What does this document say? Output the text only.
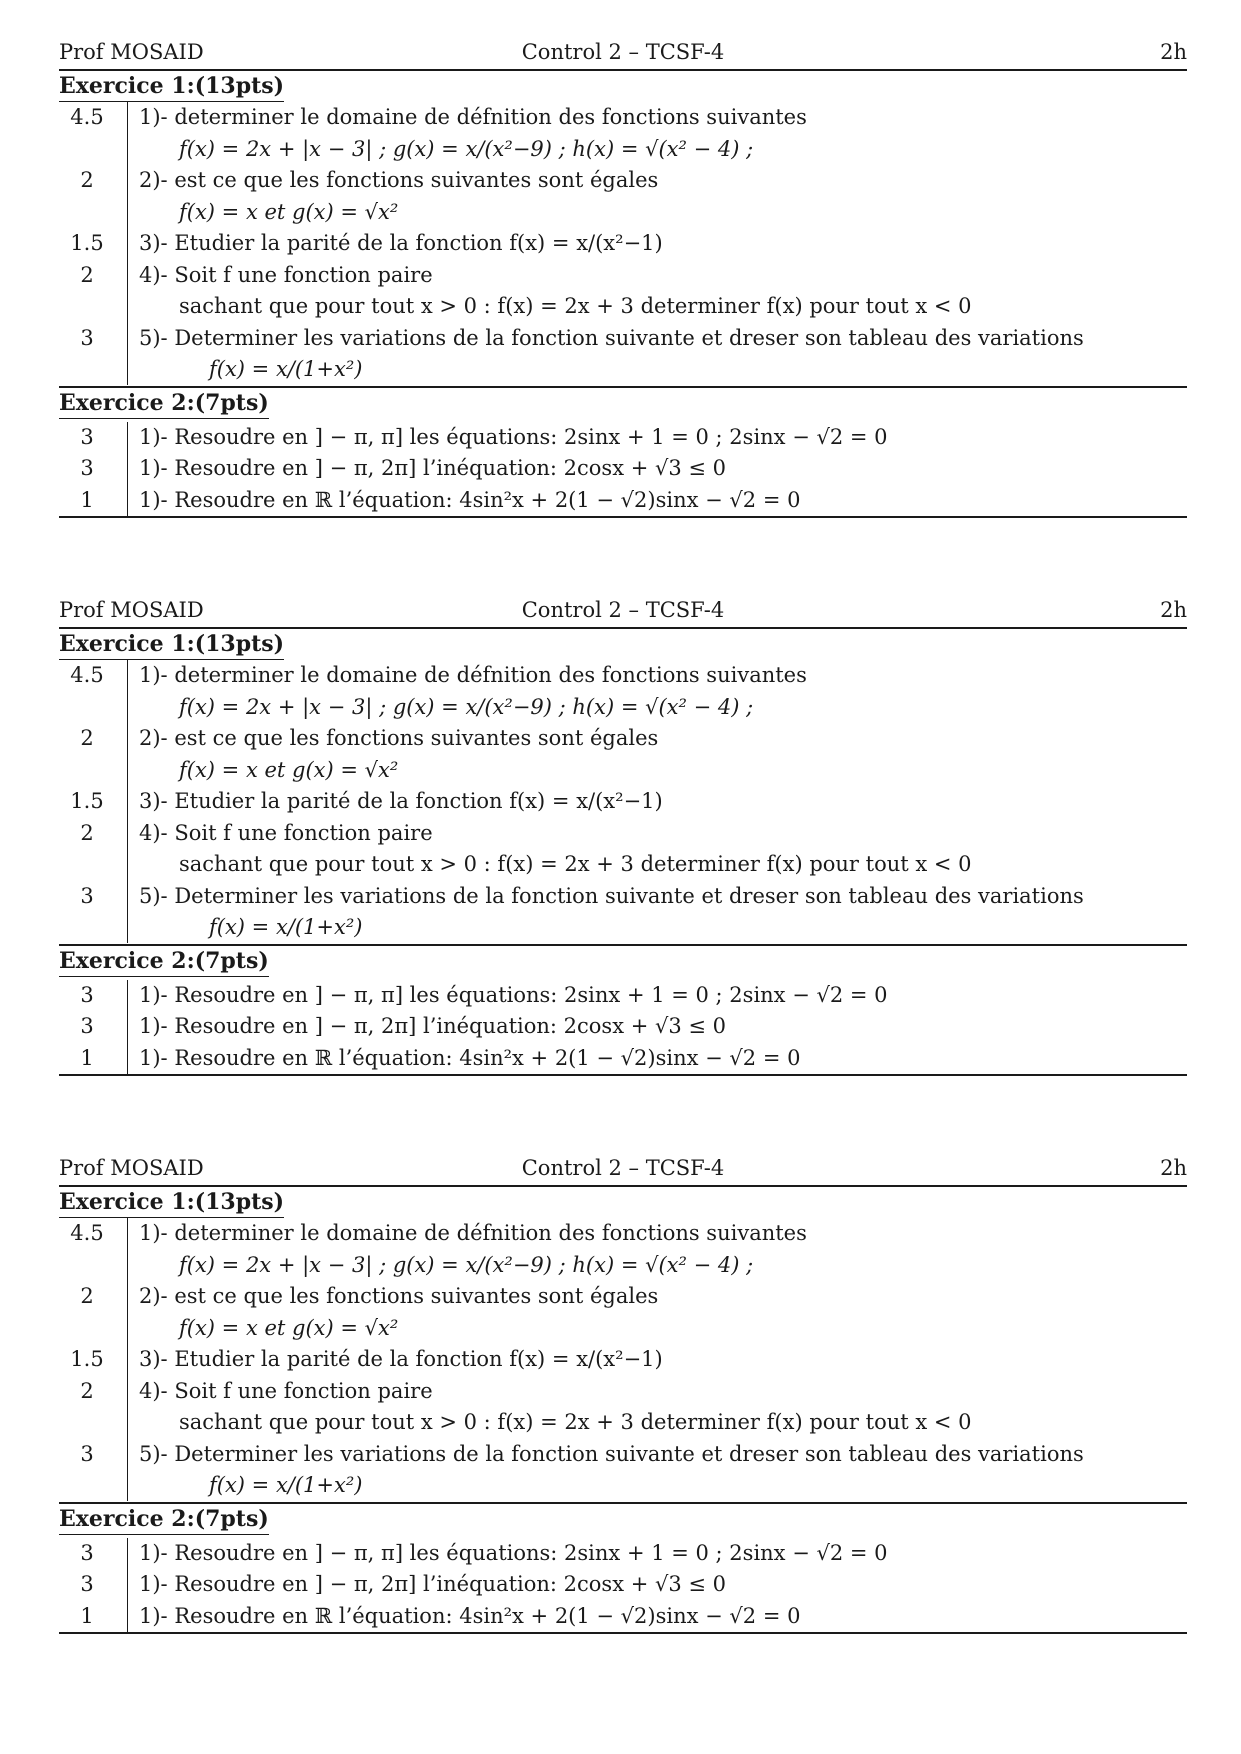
Prof MOSAID	Control 2 – TCSF-4	2h
Exercice 1:(13pts)
4.5	1)- determiner le domaine de défnition des fonctions suivantes
f(x) = 2x + |x − 3| ; g(x) = x/(x²−9) ; h(x) = √(x² − 4) ;
2	2)- est ce que les fonctions suivantes sont égales
f(x) = x et g(x) = √x²
1.5	3)- Etudier la parité de la fonction f(x) = x/(x²−1)
2	4)- Soit f une fonction paire
sachant que pour tout x > 0 : f(x) = 2x + 3 determiner f(x) pour tout x < 0
3	5)- Determiner les variations de la fonction suivante et dreser son tableau des variations
f(x) = x/(1+x²)
Exercice 2:(7pts)
3	1)- Resoudre en ] − π, π] les équations: 2sinx + 1 = 0 ; 2sinx − √2 = 0
3	1)- Resoudre en ] − π, 2π] l’inéquation: 2cosx + √3 ≤ 0
1	1)- Resoudre en ℝ l’équation: 4sin²x + 2(1 − √2)sinx − √2 = 0
Prof MOSAID	Control 2 – TCSF-4	2h
Exercice 1:(13pts)
4.5	1)- determiner le domaine de défnition des fonctions suivantes
f(x) = 2x + |x − 3| ; g(x) = x/(x²−9) ; h(x) = √(x² − 4) ;
2	2)- est ce que les fonctions suivantes sont égales
f(x) = x et g(x) = √x²
1.5	3)- Etudier la parité de la fonction f(x) = x/(x²−1)
2	4)- Soit f une fonction paire
sachant que pour tout x > 0 : f(x) = 2x + 3 determiner f(x) pour tout x < 0
3	5)- Determiner les variations de la fonction suivante et dreser son tableau des variations
f(x) = x/(1+x²)
Exercice 2:(7pts)
3	1)- Resoudre en ] − π, π] les équations: 2sinx + 1 = 0 ; 2sinx − √2 = 0
3	1)- Resoudre en ] − π, 2π] l’inéquation: 2cosx + √3 ≤ 0
1	1)- Resoudre en ℝ l’équation: 4sin²x + 2(1 − √2)sinx − √2 = 0
Prof MOSAID	Control 2 – TCSF-4	2h
Exercice 1:(13pts)
4.5	1)- determiner le domaine de défnition des fonctions suivantes
f(x) = 2x + |x − 3| ; g(x) = x/(x²−9) ; h(x) = √(x² − 4) ;
2	2)- est ce que les fonctions suivantes sont égales
f(x) = x et g(x) = √x²
1.5	3)- Etudier la parité de la fonction f(x) = x/(x²−1)
2	4)- Soit f une fonction paire
sachant que pour tout x > 0 : f(x) = 2x + 3 determiner f(x) pour tout x < 0
3	5)- Determiner les variations de la fonction suivante et dreser son tableau des variations
f(x) = x/(1+x²)
Exercice 2:(7pts)
3	1)- Resoudre en ] − π, π] les équations: 2sinx + 1 = 0 ; 2sinx − √2 = 0
3	1)- Resoudre en ] − π, 2π] l’inéquation: 2cosx + √3 ≤ 0
1	1)- Resoudre en ℝ l’équation: 4sin²x + 2(1 − √2)sinx − √2 = 0
